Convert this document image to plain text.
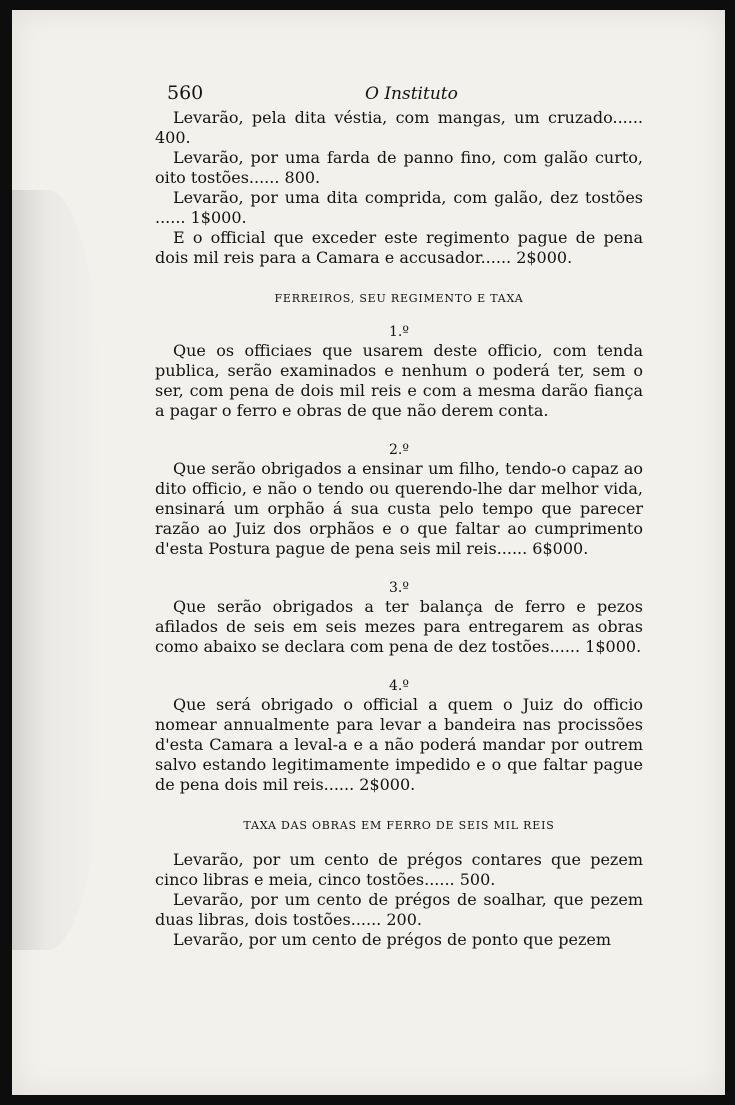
560	O Instituto

Levarão, pela dita véstia, com mangas, um cruzado...... 400.

Levarão, por uma farda de panno fino, com galão curto, oito tostões...... 800.

Levarão, por uma dita comprida, com galão, dez tostões ...... 1$000.

E o official que exceder este regimento pague de pena dois mil reis para a Camara e accusador...... 2$000.

FERREIROS, SEU REGIMENTO E TAXA
1.º

Que os officiaes que usarem deste officio, com tenda publica, serão examinados e nenhum o poderá ter, sem o ser, com pena de dois mil reis e com a mesma darão fiança a pagar o ferro e obras de que não derem conta.

2.º

Que serão obrigados a ensinar um filho, tendo-o capaz ao dito officio, e não o tendo ou querendo-lhe dar melhor vida, ensinará um orphão á sua custa pelo tempo que parecer razão ao Juiz dos orphãos e o que faltar ao cumprimento d'esta Postura pague de pena seis mil reis...... 6$000.

3.º

Que serão obrigados a ter balança de ferro e pezos afilados de seis em seis mezes para entregarem as obras como abaixo se declara com pena de dez tostões...... 1$000.

4.º

Que será obrigado o official a quem o Juiz do officio nomear annualmente para levar a bandeira nas procissões d'esta Camara a leval-a e a não poderá mandar por outrem salvo estando legitimamente impedido e o que faltar pague de pena dois mil reis...... 2$000.

TAXA DAS OBRAS EM FERRO DE SEIS MIL REIS

Levarão, por um cento de prégos contares que pezem cinco libras e meia, cinco tostões...... 500.

Levarão, por um cento de prégos de soalhar, que pezem duas libras, dois tostões...... 200.

Levarão, por um cento de prégos de ponto que pezem
